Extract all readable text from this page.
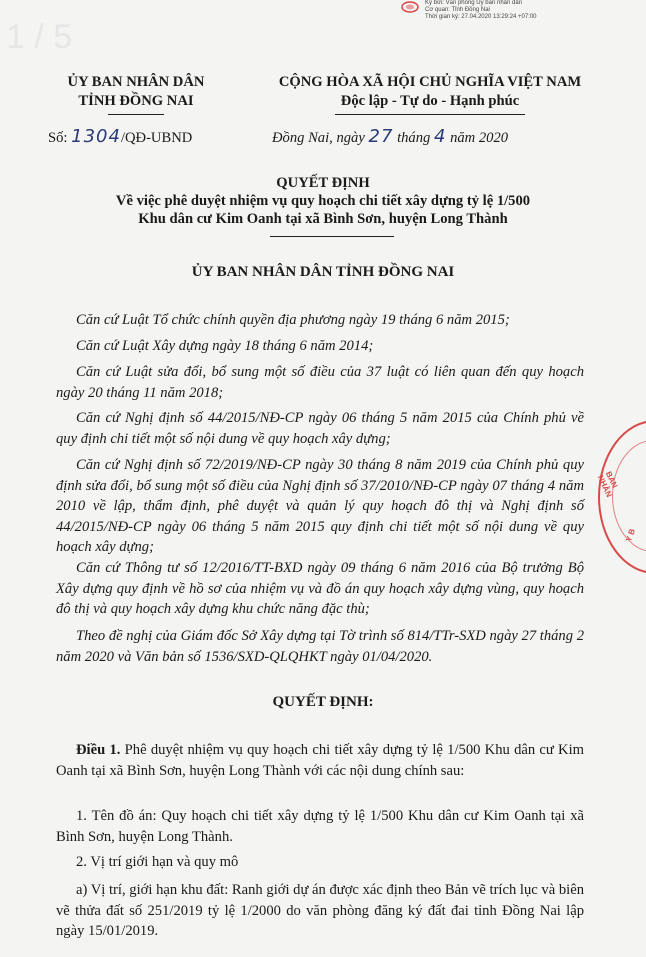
Ký bởi: Văn phòng Ủy ban nhân dân
Cơ quan: Tỉnh Đồng Nai
Thời gian ký: 27.04.2020 13:29:24 +07:00
1 / 5
ỦY BAN NHÂN DÂN
TỈNH ĐỒNG NAI
CỘNG HÒA XÃ HỘI CHỦ NGHĨA VIỆT NAM
Độc lập - Tự do - Hạnh phúc
Số: 1304/QĐ-UBND	Đồng Nai, ngày 27 tháng 4 năm 2020
QUYẾT ĐỊNH
Về việc phê duyệt nhiệm vụ quy hoạch chi tiết xây dựng tỷ lệ 1/500
Khu dân cư Kim Oanh tại xã Bình Sơn, huyện Long Thành
ỦY BAN NHÂN DÂN TỈNH ĐỒNG NAI
Căn cứ Luật Tổ chức chính quyền địa phương ngày 19 tháng 6 năm 2015;
Căn cứ Luật Xây dựng ngày 18 tháng 6 năm 2014;
Căn cứ Luật sửa đổi, bổ sung một số điều của 37 luật có liên quan đến quy hoạch ngày 20 tháng 11 năm 2018;
Căn cứ Nghị định số 44/2015/NĐ-CP ngày 06 tháng 5 năm 2015 của Chính phủ về quy định chi tiết một số nội dung về quy hoạch xây dựng;
Căn cứ Nghị định số 72/2019/NĐ-CP ngày 30 tháng 8 năm 2019 của Chính phủ quy định sửa đổi, bổ sung một số điều của Nghị định số 37/2010/NĐ-CP ngày 07 tháng 4 năm 2010 về lập, thẩm định, phê duyệt và quản lý quy hoạch đô thị và Nghị định số 44/2015/NĐ-CP ngày 06 tháng 5 năm 2015 quy định chi tiết một số nội dung về quy hoạch xây dựng;
Căn cứ Thông tư số 12/2016/TT-BXD ngày 09 tháng 6 năm 2016 của Bộ trưởng Bộ Xây dựng quy định về hồ sơ của nhiệm vụ và đồ án quy hoạch xây dựng vùng, quy hoạch đô thị và quy hoạch xây dựng khu chức năng đặc thù;
Theo đề nghị của Giám đốc Sở Xây dựng tại Tờ trình số 814/TTr-SXD ngày 27 tháng 2 năm 2020 và Văn bản số 1536/SXD-QLQHKT ngày 01/04/2020.
QUYẾT ĐỊNH:
Điều 1. Phê duyệt nhiệm vụ quy hoạch chi tiết xây dựng tỷ lệ 1/500 Khu dân cư Kim Oanh tại xã Bình Sơn, huyện Long Thành với các nội dung chính sau:
1. Tên đồ án: Quy hoạch chi tiết xây dựng tỷ lệ 1/500 Khu dân cư Kim Oanh tại xã Bình Sơn, huyện Long Thành.
2. Vị trí giới hạn và quy mô
a) Vị trí, giới hạn khu đất: Ranh giới dự án được xác định theo Bản vẽ trích lục và biên vẽ thửa đất số 251/2019 tỷ lệ 1/2000 do văn phòng đăng ký đất đai tỉnh Đồng Nai lập ngày 15/01/2019.
BAN NHÂN
Y B
